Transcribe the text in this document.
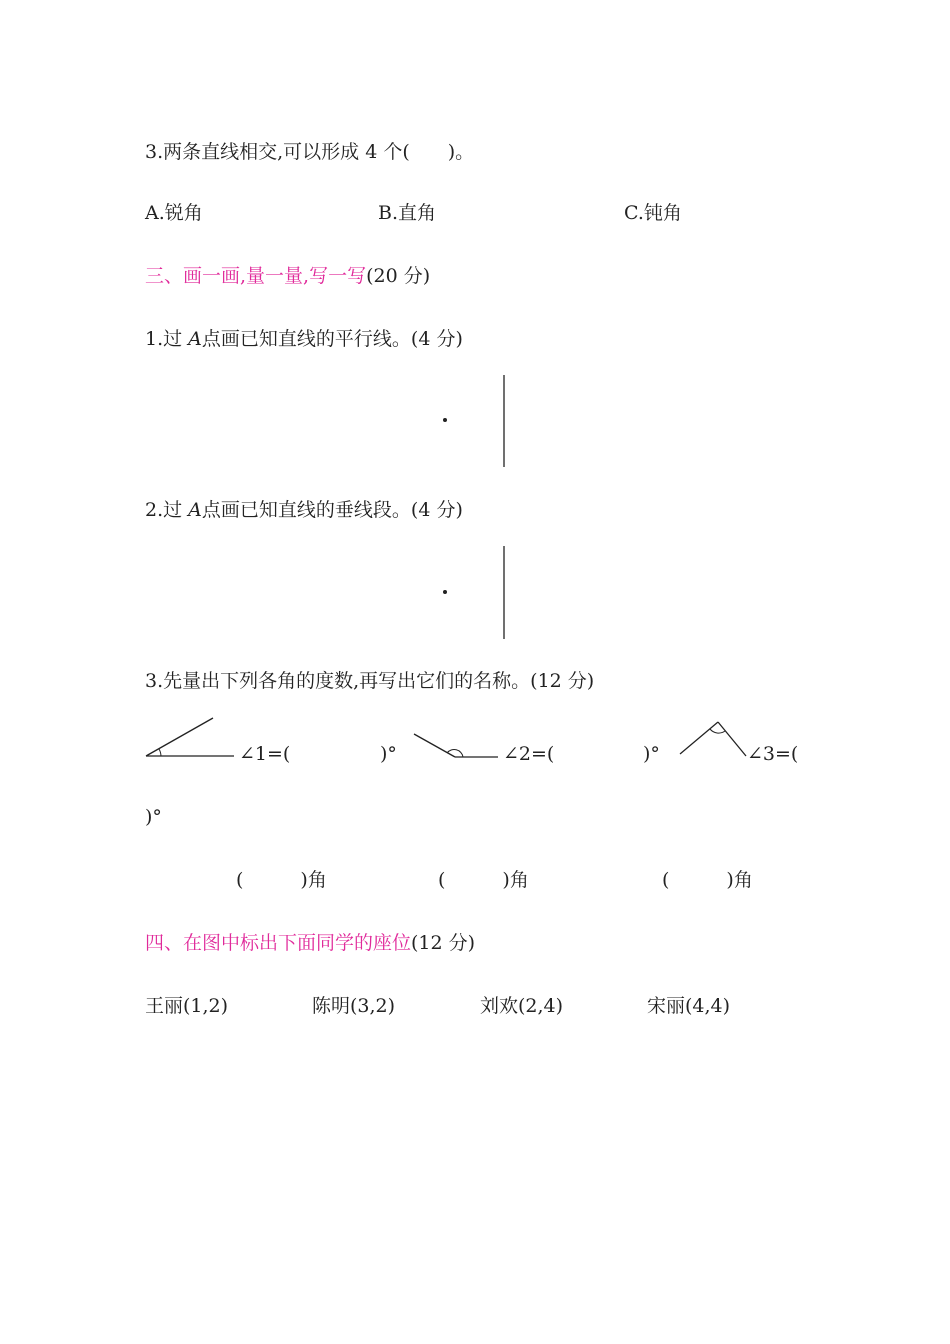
3.两条直线相交,可以形成 4 个(　　)。
A.锐角	B.直角	C.钝角
三、画一画,量一量,写一写(20 分)
1.过 A点画已知直线的平行线。(4 分)
2.过 A点画已知直线的垂线段。(4 分)
3.先量出下列各角的度数,再写出它们的名称。(12 分)
∠1=(	)°	∠2=(	)°	∠3=(
)°
(　　　)角	(　　　)角	(　　　)角
四、在图中标出下面同学的座位(12 分)
王丽(1,2)	陈明(3,2)	刘欢(2,4)	宋丽(4,4)
